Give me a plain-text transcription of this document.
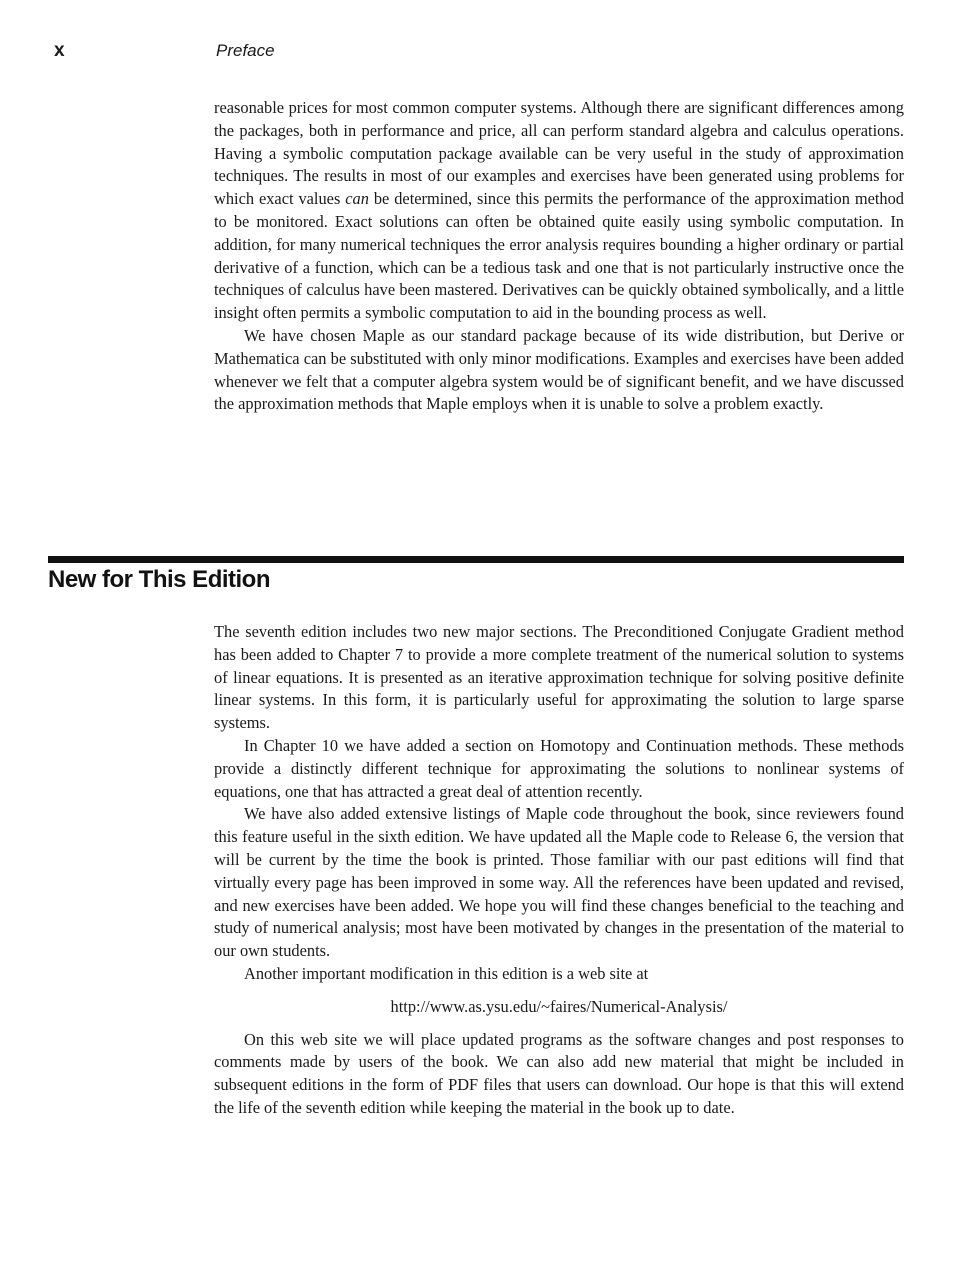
x	Preface

reasonable prices for most common computer systems. Although there are significant differences among the packages, both in performance and price, all can perform standard algebra and calculus operations. Having a symbolic computation package available can be very useful in the study of approximation techniques. The results in most of our examples and exercises have been generated using problems for which exact values can be determined, since this permits the performance of the approximation method to be monitored. Exact solutions can often be obtained quite easily using symbolic computation. In addition, for many numerical techniques the error analysis requires bounding a higher ordinary or partial derivative of a function, which can be a tedious task and one that is not particularly instructive once the techniques of calculus have been mastered. Derivatives can be quickly obtained symbolically, and a little insight often permits a symbolic computation to aid in the bounding process as well.

We have chosen Maple as our standard package because of its wide distribution, but Derive or Mathematica can be substituted with only minor modifications. Examples and exercises have been added whenever we felt that a computer algebra system would be of significant benefit, and we have discussed the approximation methods that Maple employs when it is unable to solve a problem exactly.

New for This Edition

The seventh edition includes two new major sections. The Preconditioned Conjugate Gradient method has been added to Chapter 7 to provide a more complete treatment of the numerical solution to systems of linear equations. It is presented as an iterative approximation technique for solving positive definite linear systems. In this form, it is particularly useful for approximating the solution to large sparse systems.

In Chapter 10 we have added a section on Homotopy and Continuation methods. These methods provide a distinctly different technique for approximating the solutions to nonlinear systems of equations, one that has attracted a great deal of attention recently.

We have also added extensive listings of Maple code throughout the book, since reviewers found this feature useful in the sixth edition. We have updated all the Maple code to Release 6, the version that will be current by the time the book is printed. Those familiar with our past editions will find that virtually every page has been improved in some way. All the references have been updated and revised, and new exercises have been added. We hope you will find these changes beneficial to the teaching and study of numerical analysis; most have been motivated by changes in the presentation of the material to our own students.

Another important modification in this edition is a web site at

http://www.as.ysu.edu/~faires/Numerical-Analysis/

On this web site we will place updated programs as the software changes and post responses to comments made by users of the book. We can also add new material that might be included in subsequent editions in the form of PDF files that users can download. Our hope is that this will extend the life of the seventh edition while keeping the material in the book up to date.
